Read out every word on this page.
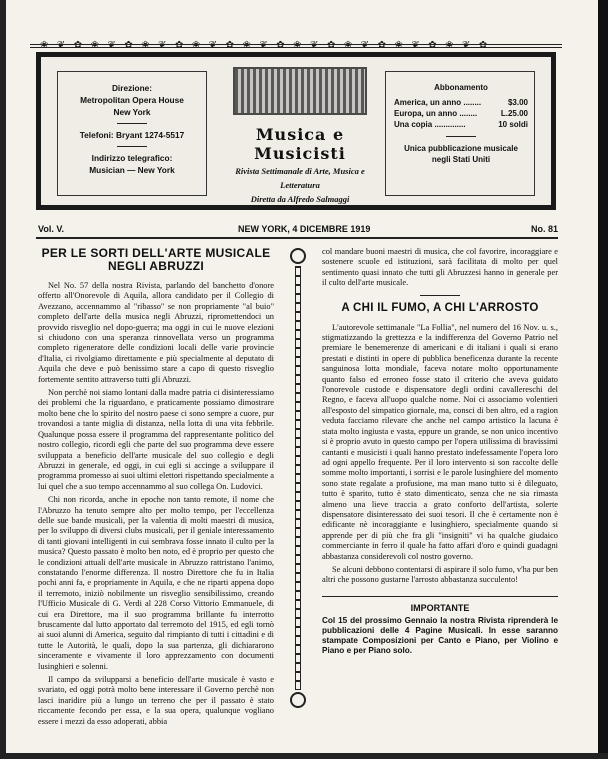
❀ ❦ ✿ ❀ ❦ ✿ ❀ ❦ ✿ ❀ ❦ ✿ ❀ ❦ ✿ ❀ ❦ ✿ ❀ ❦ ✿ ❀ ❦ ✿ ❀ ❦ ✿
Direzione:
Metropolitan Opera House
New York
Telefoni: Bryant 1274-5517
Indirizzo telegrafico:
Musician — New York
Musica e Musicisti
Rivista Settimanale di Arte, Musica e
Letteratura
Diretta da Alfredo Salmaggi
Abbonamento
America, un anno ........	$3.00
Europa, un anno ........	L.25.00
Una copia ..............	10 soldi
Unica pubblicazione musicale
negli Stati Uniti
Vol. V.	NEW YORK, 4 DICEMBRE 1919	No. 81
PER LE SORTI DELL'ARTE MUSICALE
NEGLI ABRUZZI

Nel No. 57 della nostra Rivista, parlando del banchetto d'onore offerto all'Onorevole di Aquila, allora candidato per il Collegio di Avezzano, accennammo al "ribasso" se non propriamente "al buio" completo dell'arte della musica negli Abruzzi, ripromettendoci un provvido risveglio nel dopo-guerra; ma oggi in cui le nuove elezioni si chiudono con una speranza rinnovellata verso un programma completo rigeneratore delle condizioni locali delle varie provincie d'Italia, ci rivolgiamo direttamente e più specialmente al deputato di Aquila che deve e può benissimo stare a capo di questo risveglio fortemente sentito attraverso tutti gli Abruzzi.

Non perchè noi siamo lontani dalla madre patria ci disinteressiamo dei problemi che la riguardano, e praticamente possiamo dimostrare molto bene che lo spirito del nostro paese ci sono sempre a cuore, pur trovandosi a tante miglia di distanza, nella lotta di una vita febbrile. Qualunque possa essere il programma del rappresentante politico del nostro collegio, ricordi egli che parte del suo programma deve essere sviluppata a beneficio dell'arte musicale del suo collegio e degli Abruzzi in generale, ed oggi, in cui egli si accinge a sviluppare il programma promesso ai suoi ultimi elettori rispettando specialmente a lui quel che a suo tempo accennammo al suo collega On. Ludovici.

Chi non ricorda, anche in epoche non tanto remote, il nome che l'Abruzzo ha tenuto sempre alto per molto tempo, per l'eccellenza delle sue bande musicali, per la valentia di molti maestri di musica, per lo sviluppo di diversi clubs musicali, per il geniale interessamento di tanti giovani intelligenti in cui sembrava fosse innato il culto per la musica? Questo passato è molto ben noto, ed è proprio per questo che le condizioni attuali dell'arte musicale in Abruzzo rattristano l'animo, constatando l'enorme differenza. Il nostro Direttore che fu in Italia pochi anni fa, e propriamente in Aquila, e che ne riparti appena dopo il terremoto, iniziò nobilmente un risveglio sensibilissimo, creando l'Ufficio Musicale di G. Verdi al 228 Corso Vittorio Emmanuele, di cui era Direttore, ma il suo programma brillante fu interrotto bruscamente dal lutto apportato dal terremoto del 1915, ed egli tornò ai suoi alunni di America, seguito dal rimpianto di tutti i cittadini e di tutte le Autorità, le quali, dopo la sua partenza, gli dichiararono sinceramente e vivamente il loro apprezzamento con documenti lusinghieri e solenni.

Il campo da svilupparsi a beneficio dell'arte musicale è vasto e svariato, ed oggi potrà molto bene interessare il Governo perchè non lasci inaridire più a lungo un terreno che per il passato è stato riccamente fecondo per essa, e la sua opera, qualunque vogliano essere i mezzi da esso adoperati, abbia

col mandare buoni maestri di musica, che col favorire, incoraggiare e sostenere scuole ed istituzioni, sarà facilitata di molto per quel sentimento quasi innato che tutti gli Abruzzesi hanno in generale per il culto dell'arte musicale.

A CHI IL FUMO, A CHI L'ARROSTO

L'autorevole settimanale "La Follia", nel numero del 16 Nov. u. s., stigmatizzando la grettezza e la indifferenza del Governo Patrio nel premiare le benemerenze di americani e di italiani i quali si erano prestati e distinti in opere di pubblica beneficenza durante la recente sanguinosa lotta mondiale, faceva notare molto opportunamente quanto falso ed erroneo fosse stato il criterio che aveva guidato l'onorevole custode e dispensatore degli ordini cavallereschi del Regno, e faceva all'uopo qualche nome. Noi ci associamo volentieri all'esposto del simpatico giornale, ma, consci di ben altro, ed a ragion veduta facciamo rilevare che anche nel campo artistico la lacuna è stata molto ingiusta e vasta, eppure un grande, se non unico incentivo si è proprio avuto in questo campo per l'opera utilissima di bravissimi cantanti e musicisti i quali hanno prestato indefessamente l'opera loro ad ogni appello frequente. Per il loro intervento si son raccolte delle somme molto importanti, i sorrisi e le parole lusinghiere del momento sono state regalate a profusione, ma man mano tutto si è dileguato, tutto è sparito, tutto è stato dimenticato, senza che ne sia rimasta almeno una lieve traccia a grato conforto dell'artista, solerte dispensatore disinteressato dei suoi tesori. Il che è certamente non è edificante nè incoraggiante e lusinghiero, specialmente quando si apprende per di più che fra gli "insigniti" vi ha qualche giudaico commerciante in ferro il quale ha fatto affari d'oro e quindi guadagni abbastanza considerevoli col nostro governo.

Se alcuni debbono contentarsi di aspirare il solo fumo, v'ha pur ben altri che possono gustarne l'arrosto abbastanza succulento!

IMPORTANTE
Col 15 del prossimo Gennaio la nostra Rivista riprenderà le pubblicazioni delle 4 Pagine Musicali. In esse saranno stampate Composizioni per Canto e Piano, per Violino e Piano e per Piano solo.
